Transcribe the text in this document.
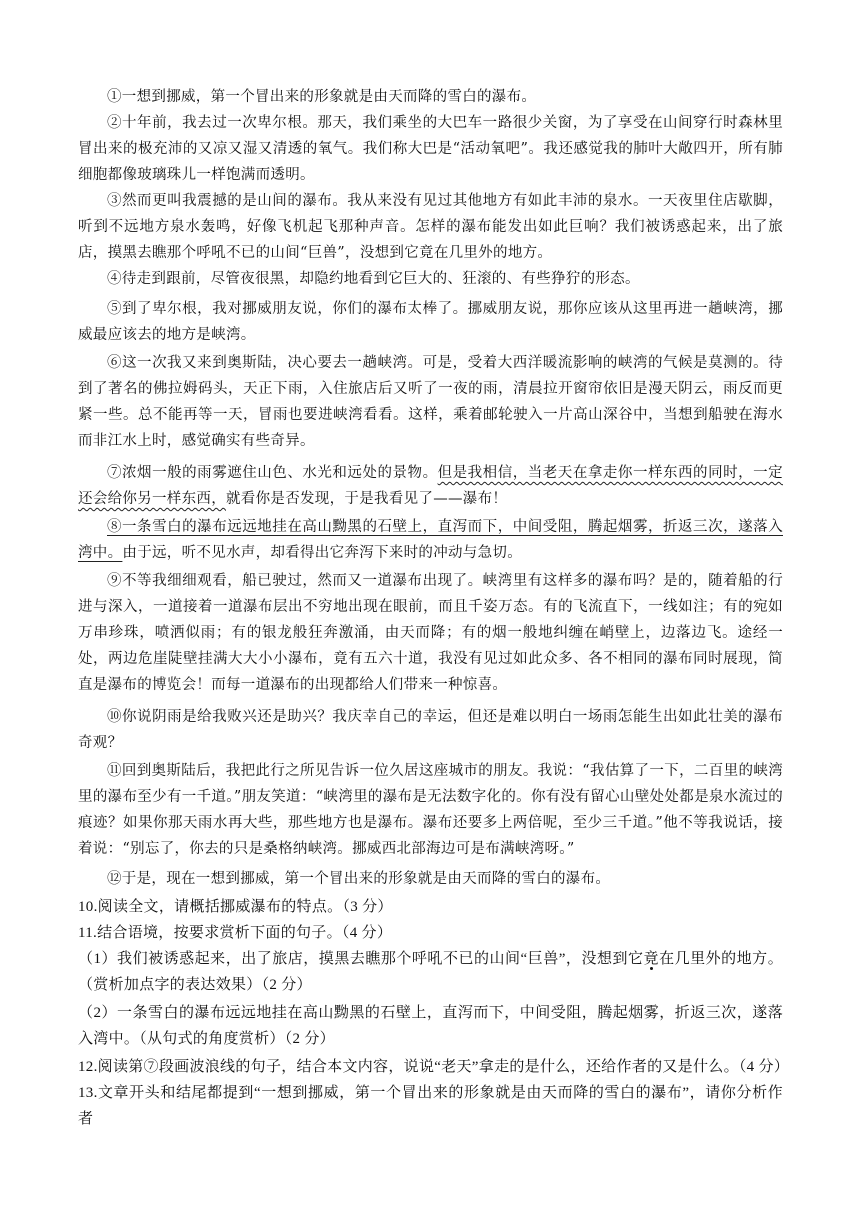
①一想到挪威，第一个冒出来的形象就是由天而降的雪白的瀑布。

②十年前，我去过一次卑尔根。那天，我们乘坐的大巴车一路很少关窗，为了享受在山间穿行时森林里冒出来的极充沛的又凉又湿又清透的氧气。我们称大巴是“活动氧吧”。我还感觉我的肺叶大敞四开，所有肺细胞都像玻璃珠儿一样饱满而透明。

③然而更叫我震撼的是山间的瀑布。我从来没有见过其他地方有如此丰沛的泉水。一天夜里住店歇脚，听到不远地方泉水轰鸣，好像飞机起飞那种声音。怎样的瀑布能发出如此巨响？我们被诱惑起来，出了旅店，摸黑去瞧那个呼吼不已的山间“巨兽”，没想到它竟在几里外的地方。

④待走到跟前，尽管夜很黑，却隐约地看到它巨大的、狂滚的、有些狰狞的形态。

⑤到了卑尔根，我对挪威朋友说，你们的瀑布太棒了。挪威朋友说，那你应该从这里再进一趟峡湾，挪威最应该去的地方是峡湾。

⑥这一次我又来到奥斯陆，决心要去一趟峡湾。可是，受着大西洋暖流影响的峡湾的气候是莫测的。待到了著名的佛拉姆码头，天正下雨，入住旅店后又听了一夜的雨，清晨拉开窗帘依旧是漫天阴云，雨反而更紧一些。总不能再等一天，冒雨也要进峡湾看看。这样，乘着邮轮驶入一片高山深谷中，当想到船驶在海水而非江水上时，感觉确实有些奇异。

⑦浓烟一般的雨雾遮住山色、水光和远处的景物。但是我相信，当老天在拿走你一样东西的同时，一定还会给你另一样东西，就看你是否发现，于是我看见了——瀑布！

⑧一条雪白的瀑布远远地挂在高山黝黑的石壁上，直泻而下，中间受阻，腾起烟雾，折返三次，遂落入湾中。由于远，听不见水声，却看得出它奔泻下来时的冲动与急切。

⑨不等我细细观看，船已驶过，然而又一道瀑布出现了。峡湾里有这样多的瀑布吗？是的，随着船的行进与深入，一道接着一道瀑布层出不穷地出现在眼前，而且千姿万态。有的飞流直下，一线如注；有的宛如万串珍珠，喷洒似雨；有的银龙般狂奔激涌，由天而降；有的烟一般地纠缠在峭壁上，边落边飞。途经一处，两边危崖陡壁挂满大大小小瀑布，竟有五六十道，我没有见过如此众多、各不相同的瀑布同时展现，简直是瀑布的博览会！而每一道瀑布的出现都给人们带来一种惊喜。

⑩你说阴雨是给我败兴还是助兴？我庆幸自己的幸运，但还是难以明白一场雨怎能生出如此壮美的瀑布奇观？

⑪回到奥斯陆后，我把此行之所见告诉一位久居这座城市的朋友。我说：“我估算了一下，二百里的峡湾里的瀑布至少有一千道。”朋友笑道：“峡湾里的瀑布是无法数字化的。你有没有留心山壁处处都是泉水流过的痕迹？如果你那天雨水再大些，那些地方也是瀑布。瀑布还要多上两倍呢，至少三千道。”他不等我说话，接着说：“别忘了，你去的只是桑格纳峡湾。挪威西北部海边可是布满峡湾呀。”

⑫于是，现在一想到挪威，第一个冒出来的形象就是由天而降的雪白的瀑布。

10.阅读全文，请概括挪威瀑布的特点。（3 分）

11.结合语境，按要求赏析下面的句子。（4 分）

（1）我们被诱惑起来，出了旅店，摸黑去瞧那个呼吼不已的山间“巨兽”，没想到它竟在几里外的地方。（赏析加点字的表达效果）（2 分）

（2）一条雪白的瀑布远远地挂在高山黝黑的石壁上，直泻而下，中间受阻，腾起烟雾，折返三次，遂落入湾中。（从句式的角度赏析）（2 分）

12.阅读第⑦段画波浪线的句子，结合本文内容，说说“老天”拿走的是什么，还给作者的又是什么。（4 分）

13.文章开头和结尾都提到“一想到挪威，第一个冒出来的形象就是由天而降的雪白的瀑布”，请你分析作者
